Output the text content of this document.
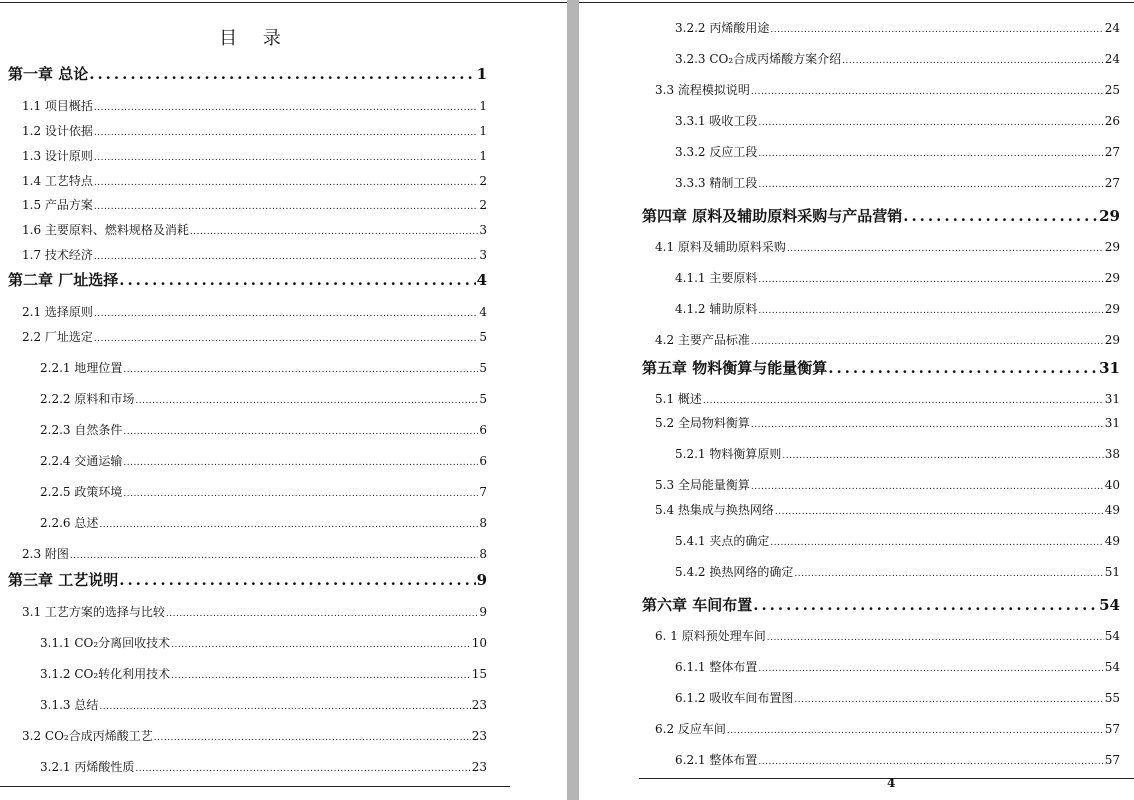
目 录
第一章 总论 .....	1
1.1 项目概括 .....	1
1.2 设计依据 .....	1
1.3 设计原则 .....	1
1.4 工艺特点 .....	2
1.5 产品方案 .....	2
1.6 主要原料、燃料规格及消耗 .....	3
1.7 技术经济 .....	3
第二章 厂址选择 .....	4
2.1 选择原则 .....	4
2.2 厂址选定 .....	5
2.2.1 地理位置 .....	5
2.2.2 原料和市场 .....	5
2.2.3 自然条件 .....	6
2.2.4 交通运输 .....	6
2.2.5 政策环境 .....	7
2.2.6 总述 .....	8
2.3 附图 .....	8
第三章 工艺说明 .....	9
3.1 工艺方案的选择与比较 .....	9
3.1.1 CO₂分离回收技术 .....	10
3.1.2 CO₂转化利用技术 .....	15
3.1.3 总结 .....	23
3.2 CO₂合成丙烯酸工艺 .....	23
3.2.1 丙烯酸性质 .....	23
3.2.2 丙烯酸用途 .....	24
3.2.3 CO₂合成丙烯酸方案介绍 .....	24
3.3 流程模拟说明 .....	25
3.3.1 吸收工段 .....	26
3.3.2 反应工段 .....	27
3.3.3 精制工段 .....	27
第四章 原料及辅助原料采购与产品营销 .....	29
4.1 原料及辅助原料采购 .....	29
4.1.1 主要原料 .....	29
4.1.2 辅助原料 .....	29
4.2 主要产品标准 .....	29
第五章 物料衡算与能量衡算 .....	31
5.1 概述 .....	31
5.2 全局物料衡算 .....	31
5.2.1 物料衡算原则 .....	38
5.3 全局能量衡算 .....	40
5.4 热集成与换热网络 .....	49
5.4.1 夹点的确定 .....	49
5.4.2 换热网络的确定 .....	51
第六章 车间布置 .....	54
6. 1 原料预处理车间 .....	54
6.1.1 整体布置 .....	54
6.1.2 吸收车间布置图 .....	55
6.2 反应车间 .....	57
6.2.1 整体布置 .....	57
4
